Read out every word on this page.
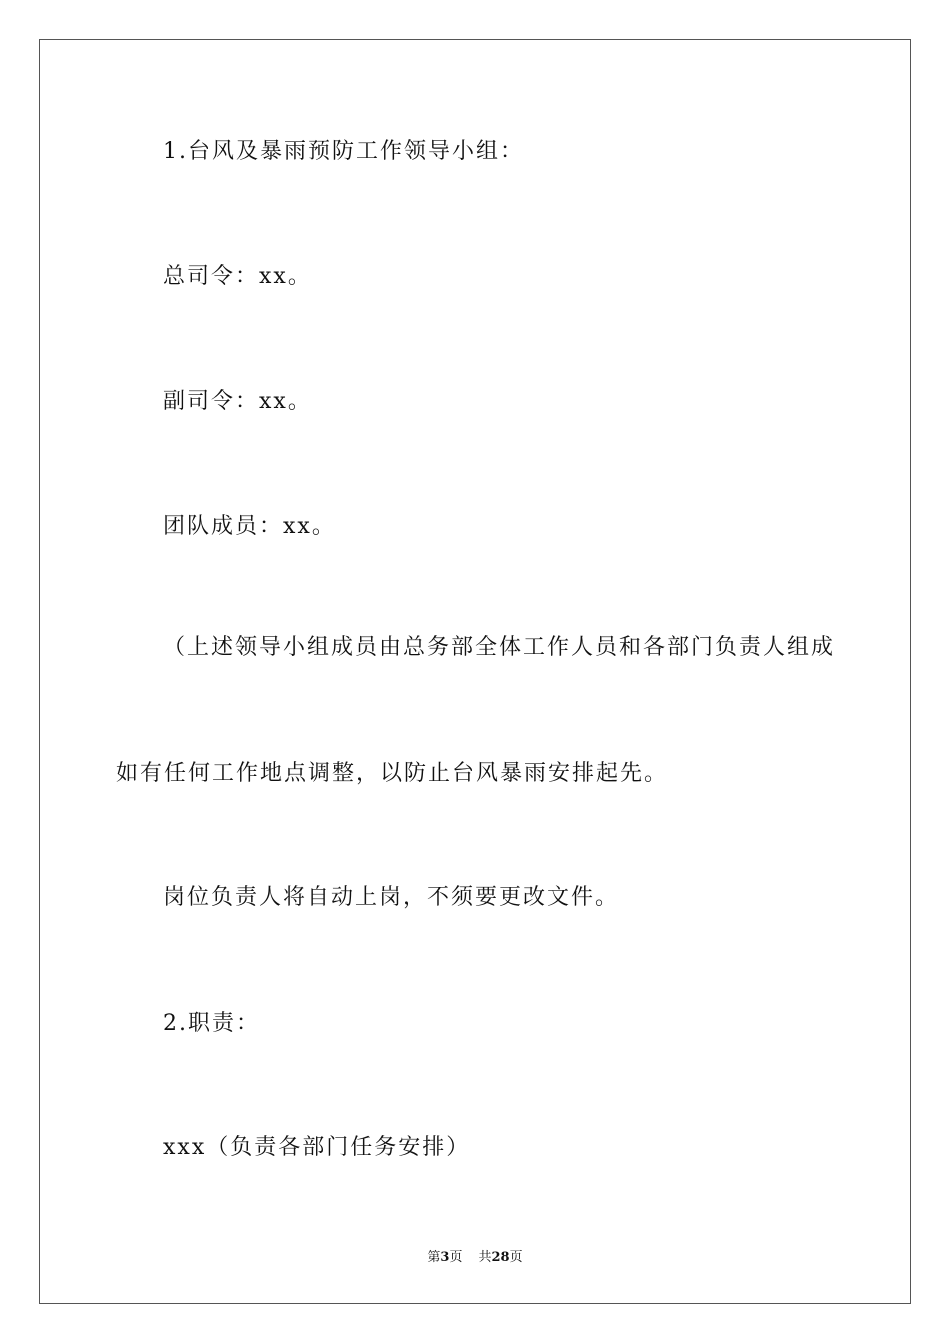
1.台风及暴雨预防工作领导小组：
总司令：xx。
副司令：xx。
团队成员：xx。
（上述领导小组成员由总务部全体工作人员和各部门负责人组成
如有任何工作地点调整，以防止台风暴雨安排起先。
岗位负责人将自动上岗，不须要更改文件。
2.职责：
xxx（负责各部门任务安排）
第3页 共28页
